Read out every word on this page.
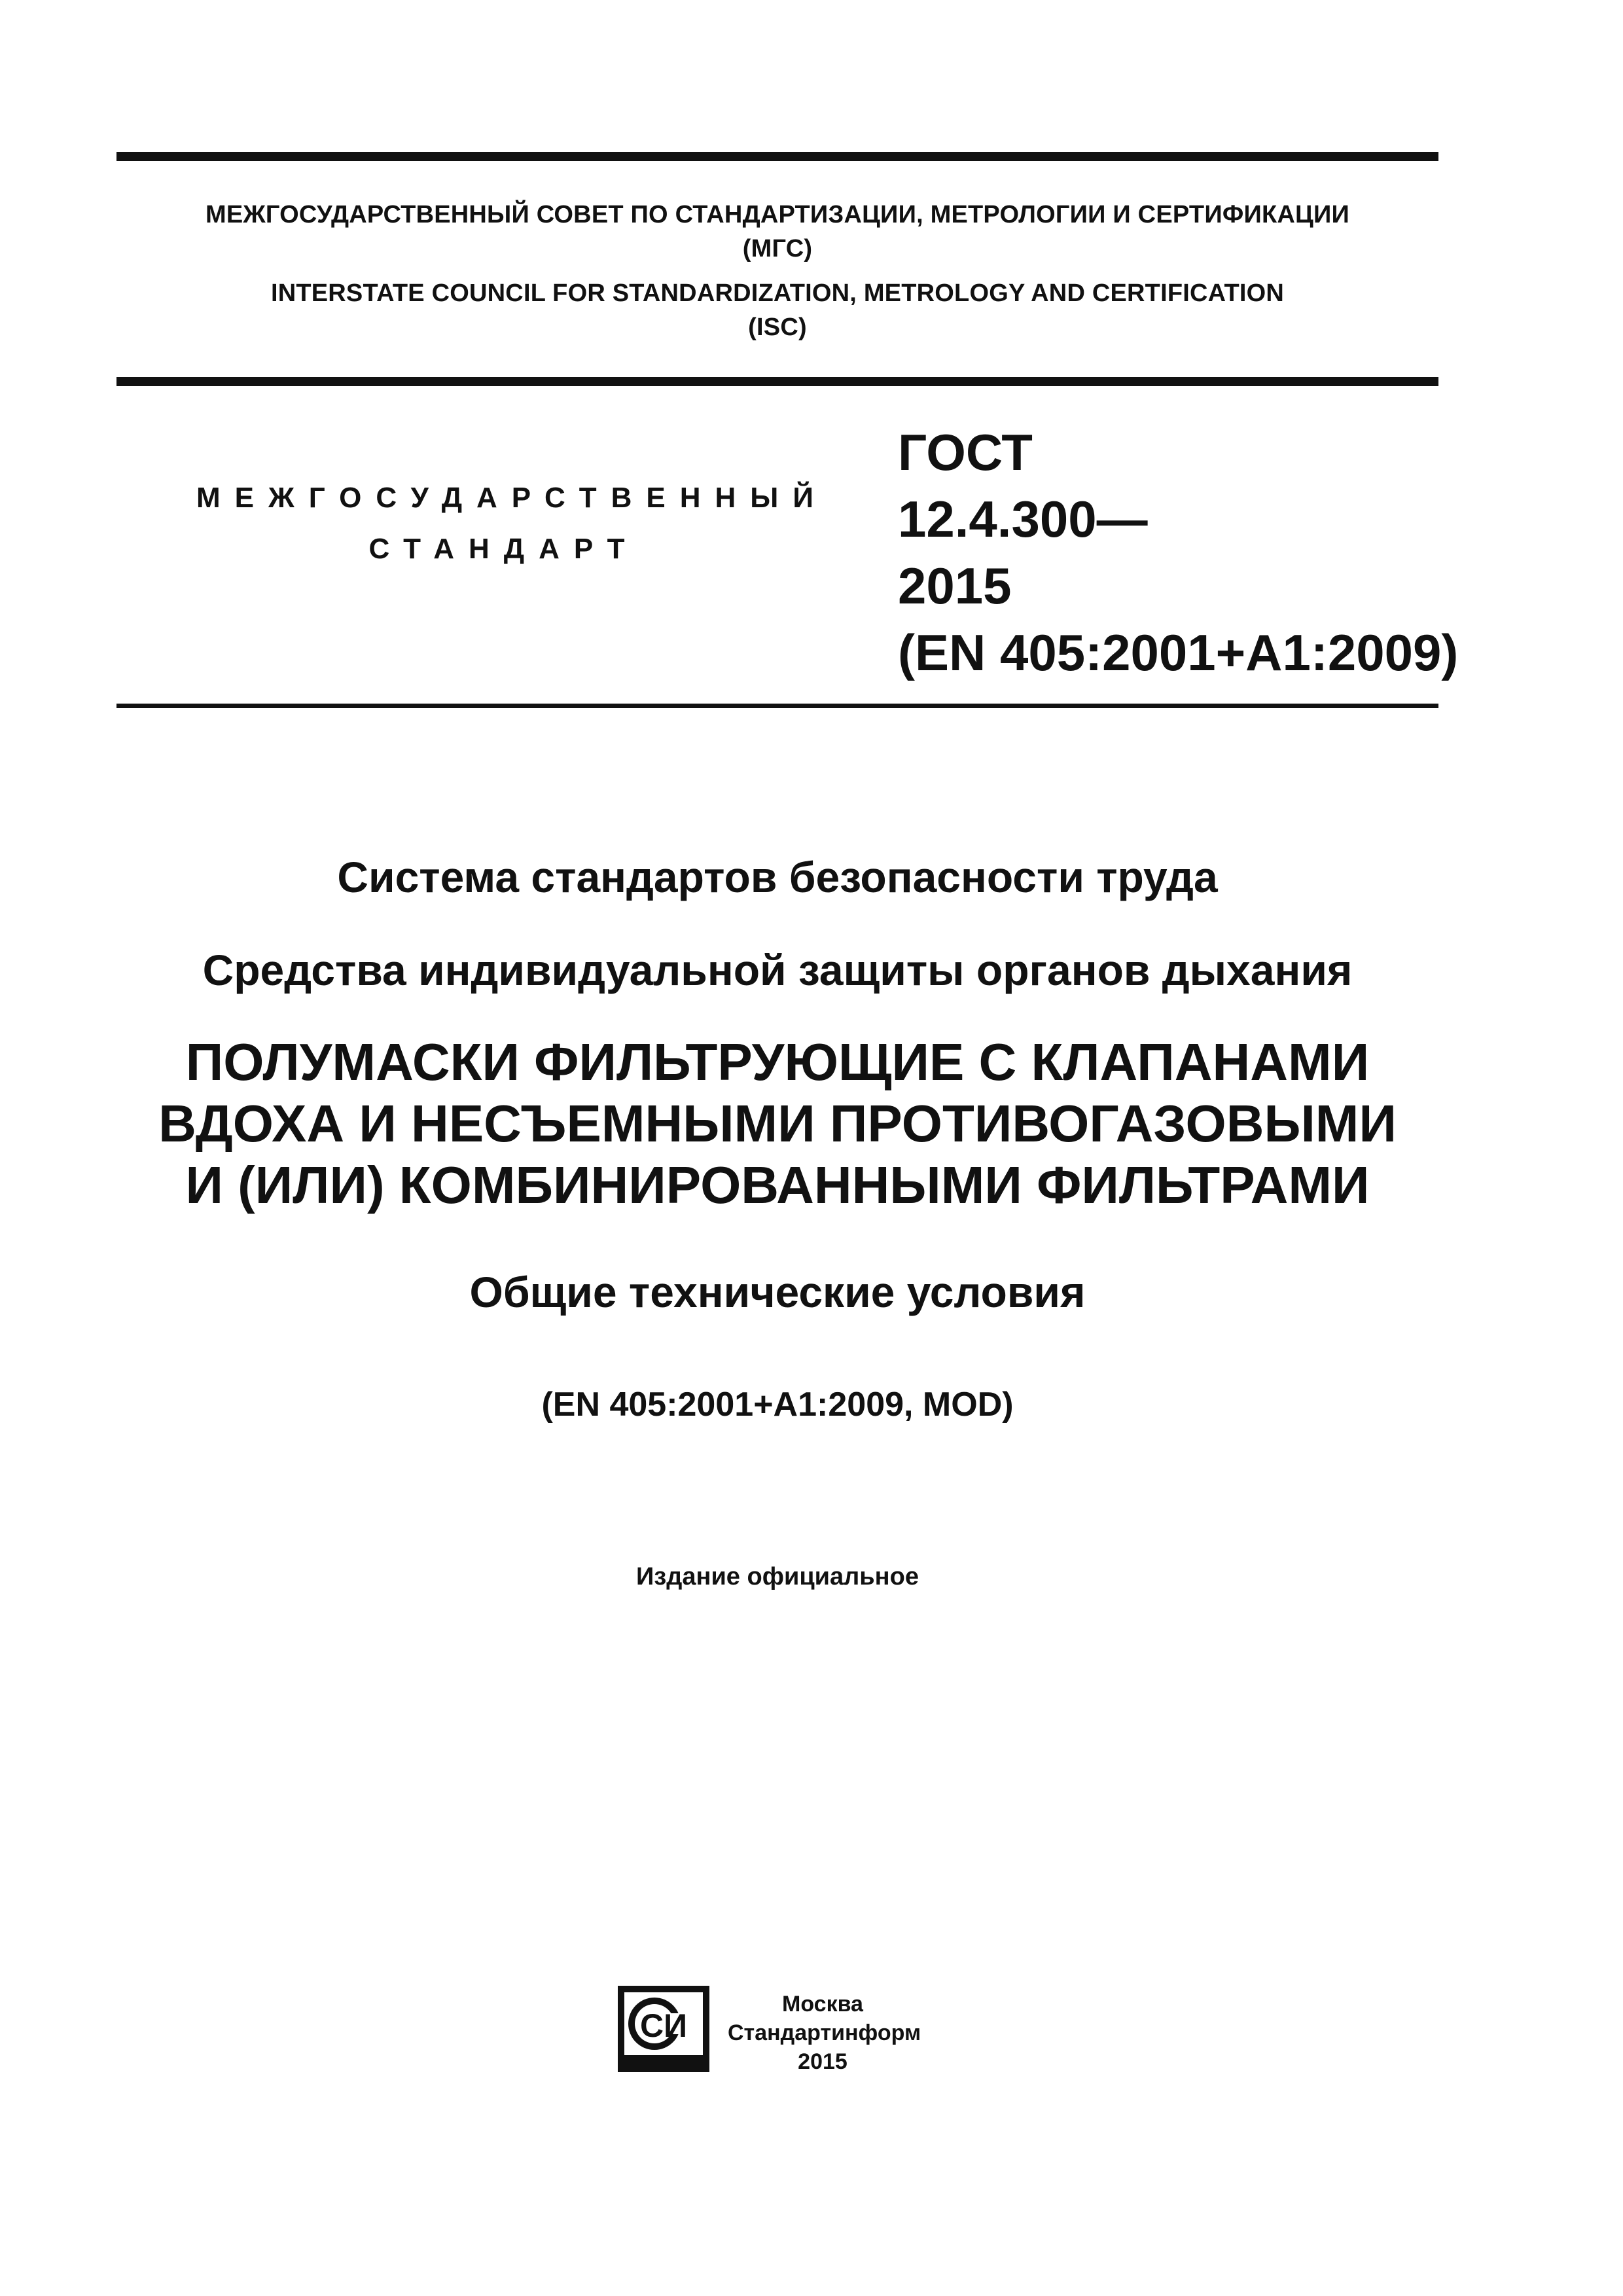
МЕЖГОСУДАРСТВЕННЫЙ СОВЕТ ПО СТАНДАРТИЗАЦИИ, МЕТРОЛОГИИ И СЕРТИФИКАЦИИ
(МГС)
INTERSTATE COUNCIL FOR STANDARDIZATION, METROLOGY AND CERTIFICATION
(ISC)
МЕЖГОСУДАРСТВЕННЫЙ
СТАНДАРТ
ГОСТ
12.4.300—
2015
(EN 405:2001+A1:2009)
Система стандартов безопасности труда
Средства индивидуальной защиты органов дыхания
ПОЛУМАСКИ ФИЛЬТРУЮЩИЕ С КЛАПАНАМИ
ВДОХА И НЕСЪЕМНЫМИ ПРОТИВОГАЗОВЫМИ
И (ИЛИ) КОМБИНИРОВАННЫМИ ФИЛЬТРАМИ
Общие технические условия
(EN 405:2001+A1:2009, MOD)
Издание официальное
СИ
Москва
Стандартинформ
2015
